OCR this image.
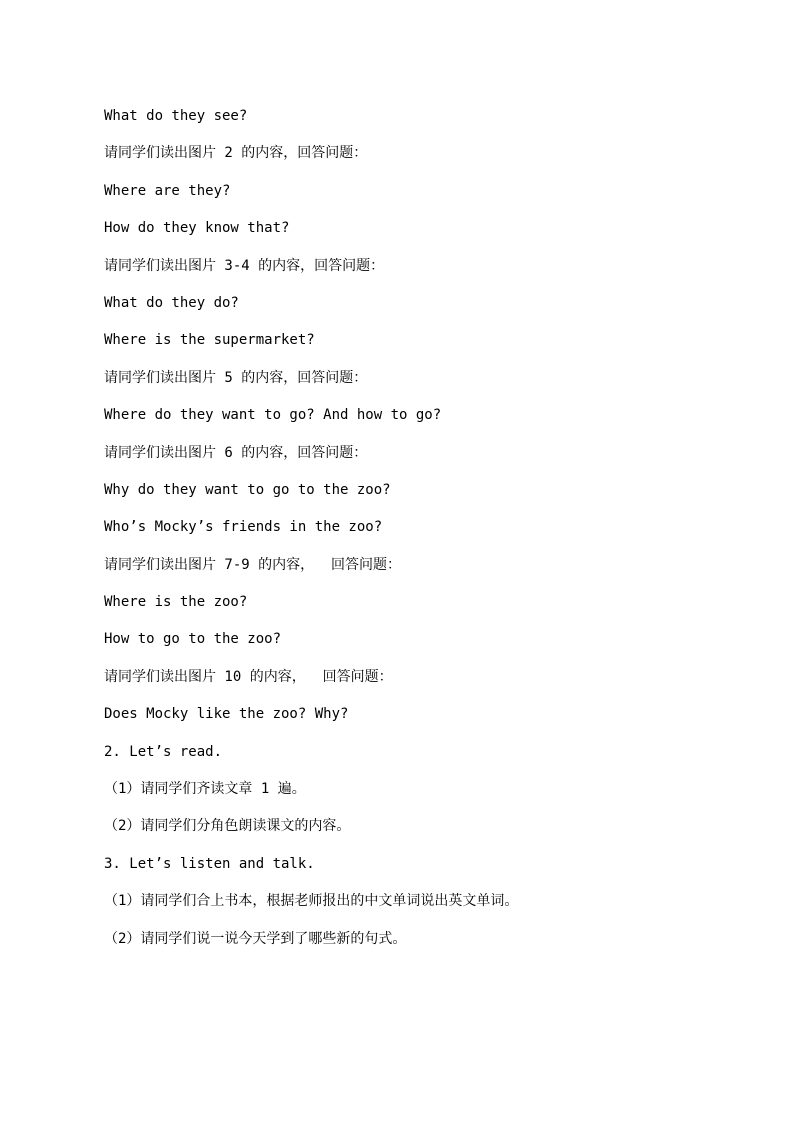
What do they see?
请同学们读出图片 2 的内容，回答问题：
Where are they?
How do they know that?
请同学们读出图片 3-4 的内容，回答问题：
What do they do?
Where is the supermarket?
请同学们读出图片 5 的内容，回答问题：
Where do they want to go? And how to go?
请同学们读出图片 6 的内容，回答问题：
Why do they want to go to the zoo?
Who’s Mocky’s friends in the zoo?
请同学们读出图片 7-9 的内容，  回答问题：
Where is the zoo?
How to go to the zoo?
请同学们读出图片 10 的内容，  回答问题：
Does Mocky like the zoo? Why?
2. Let’s read.
（1）请同学们齐读文章 1 遍。
（2）请同学们分角色朗读课文的内容。
3. Let’s listen and talk.
（1）请同学们合上书本，根据老师报出的中文单词说出英文单词。
（2）请同学们说一说今天学到了哪些新的句式。
